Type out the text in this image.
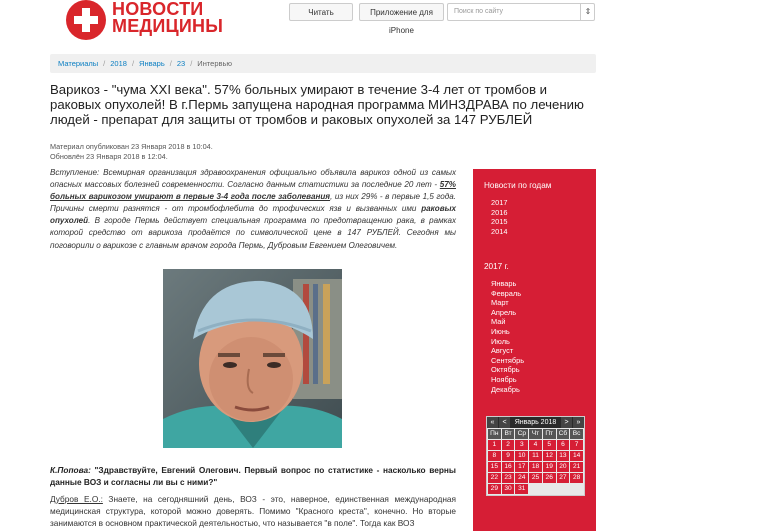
НОВОСТИ
МЕДИЦИНЫ
Читать	Приложение для iPhone
Поиск по сайту	⇕
Материалы / 2018 / Январь / 23 / Интервью
Варикоз - "чума XXI века". 57% больных умирают в течение 3-4 лет от тромбов и раковых опухолей! В г.Пермь запущена народная программа МИНЗДРАВА по лечению людей - препарат для защиты от тромбов и раковых опухолей за 147 РУБЛЕЙ
Материал опубликован 23 Января 2018 в 10:04.
Обновлён 23 Января 2018 в 12:04.
Вступление: Всемирная организация здравоохранения официально объявила варикоз одной из самых опасных массовых болезней современности. Согласно данным статистики за последние 20 лет - 57% больных варикозом умирают в первые 3-4 года после заболевания, из них 29% - в первые 1,5 года. Причины смерти разнятся - от тромбофлебита до трофических язв и вызванных ими раковых опухолей. В городе Пермь действует специальная программа по предотвращению рака, в рамках которой средство от варикоза продаётся по символической цене в 147 РУБЛЕЙ. Сегодня мы поговорили о варикозе с главным врачом города Пермь, Дубровым Евгением Олеговичем.
К.Попова: "Здравствуйте, Евгений Олегович. Первый вопрос по статистике - насколько верны данные ВОЗ и согласны ли вы с ними?"
Дубров Е.О.: Знаете, на сегодняшний день, ВОЗ - это, наверное, единственная международная медицинская структура, которой можно доверять. Помимо "Красного креста", конечно. Но вторые занимаются в основном практической деятельностью, что называется "в поле". Тогда как ВОЗ
Новости по годам
2017
2016
2015
2014
2017 г.
Январь
Февраль
Март
Апрель
Май
Июнь
Июль
Август
Сентябрь
Октябрь
Ноябрь
Декабрь
«	<	Январь 2018	>	»
Пн Вт Ср Чт Пт Сб Вс
1	2	3	4	5	6	7
8	9	10	11	12 13 14
15 16 17 18 19 20 21
22 23 24 25 26 27 28
29 30 31
